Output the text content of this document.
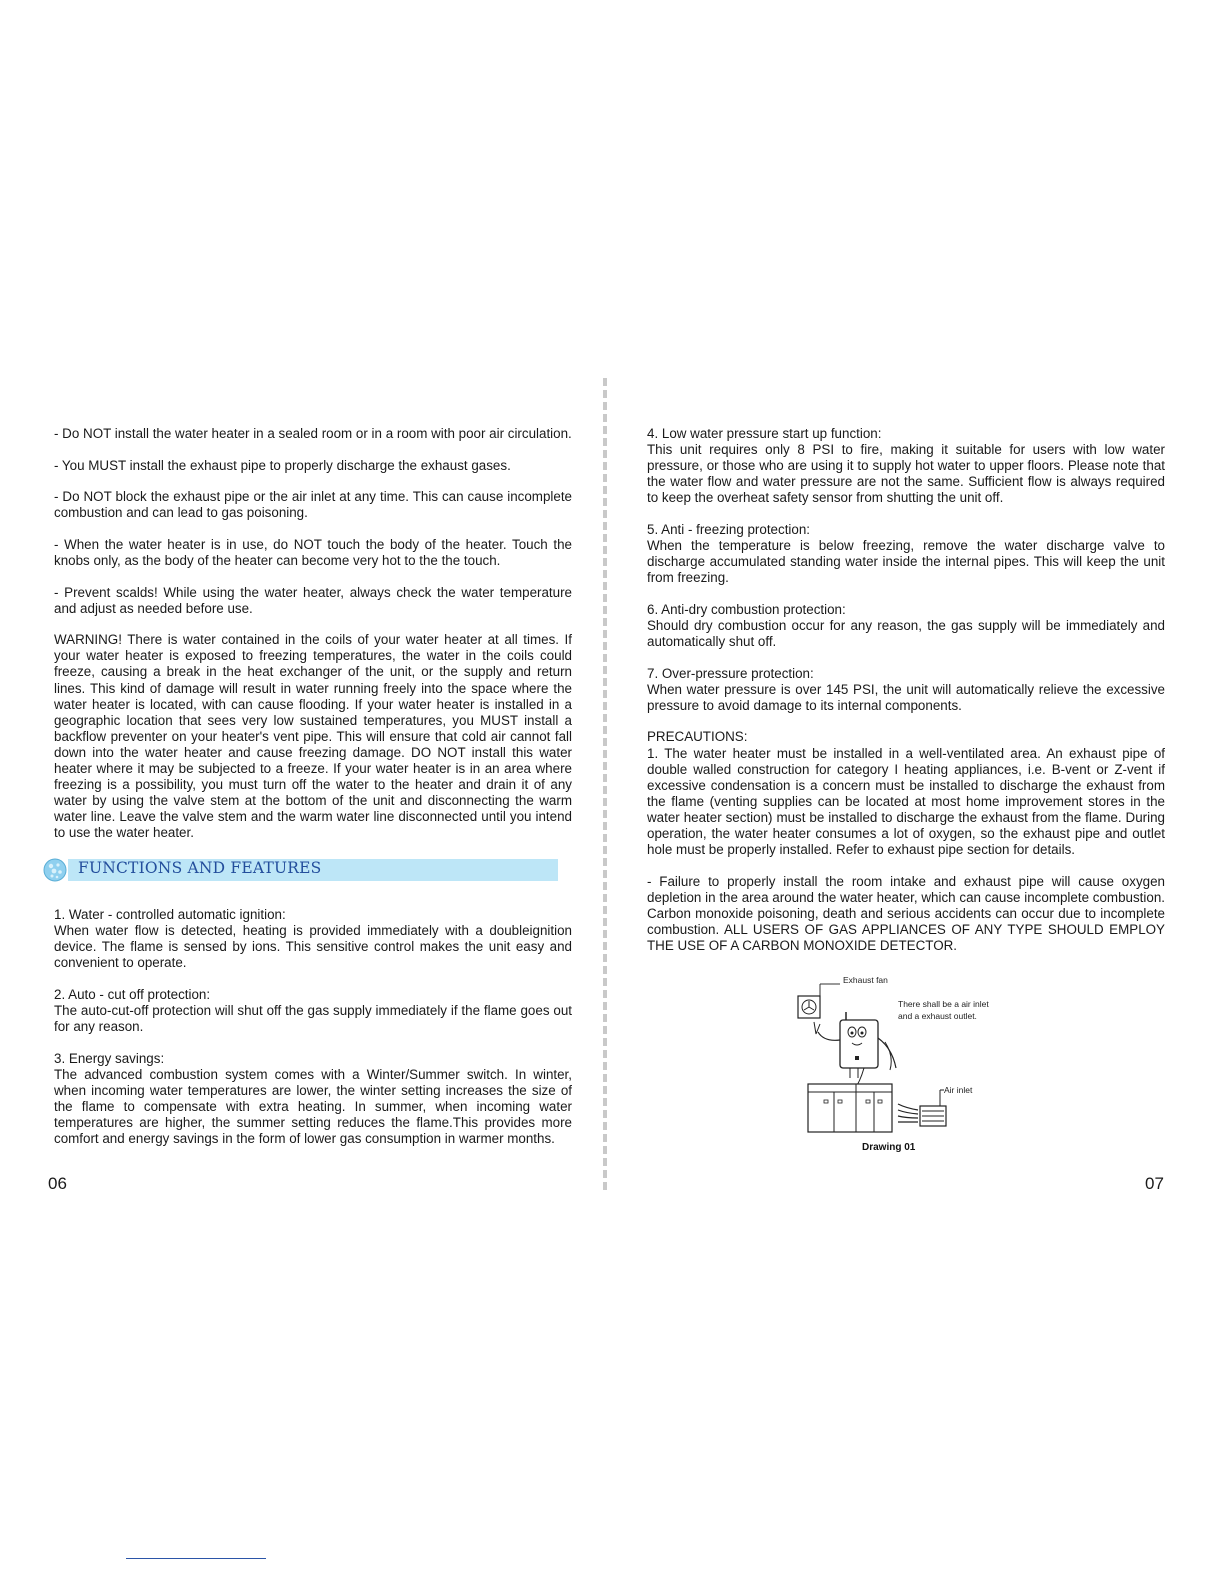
- Do NOT install the water heater in a sealed room or in a room with poor air circulation.

- You MUST install the exhaust pipe to properly discharge the exhaust gases.

- Do NOT block the exhaust pipe or the air inlet at any time. This can cause incomplete combustion and can lead to gas poisoning.

- When the water heater is in use, do NOT touch the body of the heater. Touch the knobs only, as the body of the heater can become very hot to the the touch.

- Prevent scalds! While using the water heater, always check the water temperature and adjust as needed before use.

WARNING! There is water contained in the coils of your water heater at all times. If your water heater is exposed to freezing temperatures, the water in the coils could freeze, causing a break in the heat exchanger of the unit, or the supply and return lines. This kind of damage will result in water running freely into the space where the water heater is located, with can cause flooding. If your water heater is installed in a geographic location that sees very low sustained temperatures, you MUST install a backflow preventer on your heater's vent pipe. This will ensure that cold air cannot fall down into the water heater and cause freezing damage. DO NOT install this water heater where it may be subjected to a freeze. If your water heater is in an area where freezing is a possibility, you must turn off the water to the heater and drain it of any water by using the valve stem at the bottom of the unit and disconnecting the warm water line. Leave the valve stem and the warm water line disconnected until you intend to use the water heater.

FUNCTIONS AND FEATURES

1. Water - controlled automatic ignition:
When water flow is detected, heating is provided immediately with a doubleignition device. The flame is sensed by ions. This sensitive control makes the unit easy and convenient to operate.

2. Auto - cut off protection:
The auto-cut-off protection will shut off the gas supply immediately if the flame goes out for any reason.

3. Energy savings:
The advanced combustion system comes with a Winter/Summer switch. In winter, when incoming water temperatures are lower, the winter setting increases the size of the flame to compensate with extra heating. In summer, when incoming water temperatures are higher, the summer setting reduces the flame.This provides more comfort and energy savings in the form of lower gas consumption in warmer months.

06

4. Low water pressure start up function:
This unit requires only 8 PSI to fire, making it suitable for users with low water pressure, or those who are using it to supply hot water to upper floors. Please note that the water flow and water pressure are not the same. Sufficient flow is always required to keep the overheat safety sensor from shutting the unit off.

5. Anti - freezing protection:
When the temperature is below freezing, remove the water discharge valve to discharge accumulated standing water inside the internal pipes. This will keep the unit from freezing.

6. Anti-dry combustion protection:
Should dry combustion occur for any reason, the gas supply will be immediately and automatically shut off.

7. Over-pressure protection:
When water pressure is over 145 PSI, the unit will automatically relieve the excessive pressure to avoid damage to its internal components.

PRECAUTIONS:
1. The water heater must be installed in a well-ventilated area. An exhaust pipe of double walled construction for category I heating appliances, i.e. B-vent or Z-vent if excessive condensation is a concern must be installed to discharge the exhaust from the flame (venting supplies can be located at most home improvement stores in the water heater section) must be installed to discharge the exhaust from the flame. During operation, the water heater consumes a lot of oxygen, so the exhaust pipe and outlet hole must be properly installed. Refer to exhaust pipe section for details.

- Failure to properly install the room intake and exhaust pipe will cause oxygen depletion in the area around the water heater, which can cause incomplete combustion. Carbon monoxide poisoning, death and serious accidents can occur due to incomplete combustion. ALL USERS OF GAS APPLIANCES OF ANY TYPE SHOULD EMPLOY THE USE OF A CARBON MONOXIDE DETECTOR.

Exhaust fan
There shall be a air inlet
and a exhaust outlet.
Air inlet
Drawing 01
07
